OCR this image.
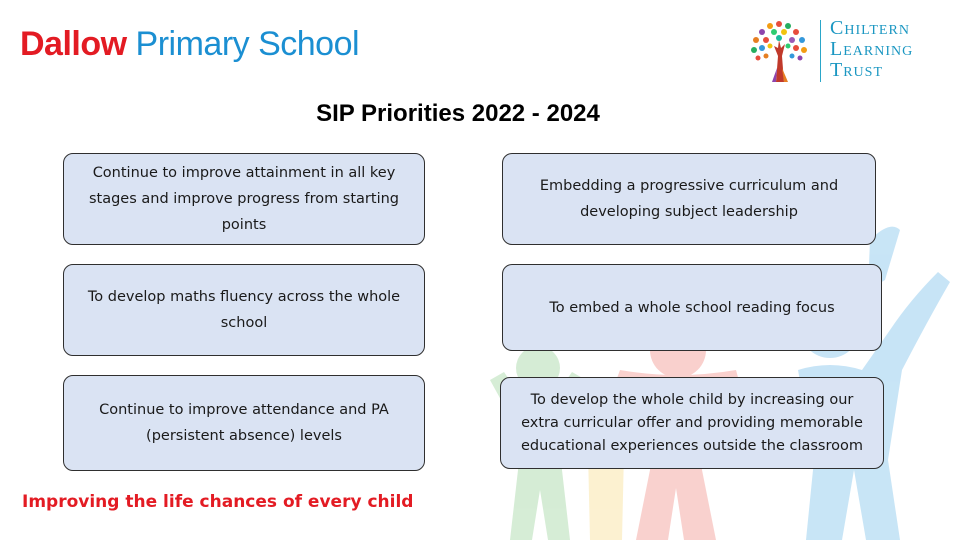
Dallow Primary School	Chiltern
Learning
Trust
SIP Priorities 2022 - 2024
Continue to improve attainment in all key stages and improve progress from starting points
Embedding a progressive curriculum and developing subject leadership
To develop maths fluency across the whole school
To embed a whole school reading focus
Continue to improve attendance and PA (persistent absence) levels
To develop the whole child by increasing our extra curricular offer and providing memorable educational experiences outside the classroom
Improving the life chances of every child
